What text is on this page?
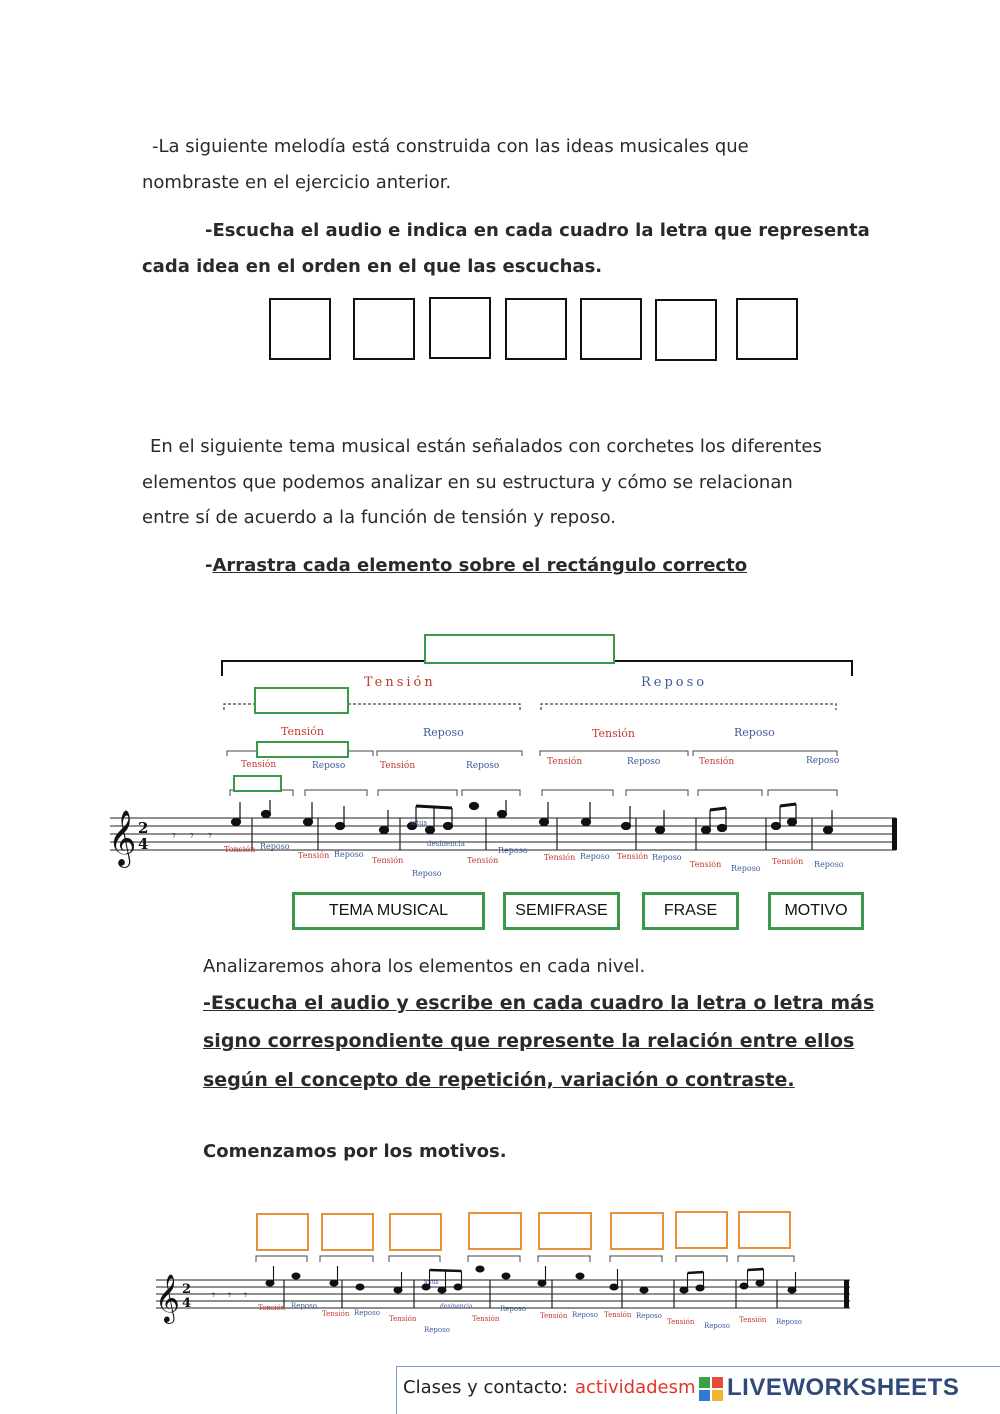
-La siguiente melodía está construida con las ideas musicales que
nombraste en el ejercicio anterior.
-Escucha el audio e indica en cada cuadro la letra que representa
cada idea en el orden en el que las escuchas.
En el siguiente tema musical están señalados con corchetes los diferentes
elementos que podemos analizar en su estructura y cómo se relacionan
entre sí de acuerdo a la función de tensión y reposo.
-Arrastra cada elemento sobre el rectángulo correcto
Tensión	Reposo
Tensión	Reposo	Tensión	Reposo
Tensión	Reposo	Tensión	Reposo	Tensión	Reposo	Tensión	Reposo
𝄞 2
4 𝄾 𝄾 𝄾
Tensión Reposo
Tensión Reposo
Tensión
ictus
desinencia
Reposo
Tensión
Reposo
Tensión Reposo Tensión Reposo
Tensión Reposo
Tensión Reposo
TEMA MUSICAL	SEMIFRASE	FRASE	MOTIVO
Analizaremos ahora los elementos en cada nivel.
-Escucha el audio y escribe en cada cuadro la letra o letra más
signo correspondiente que represente la relación entre ellos
según el concepto de repetición, variación o contraste.
Comenzamos por los motivos.
𝄞 2
4
𝄾 𝄾 𝄾
Tensión Reposo
Tensión Reposo
Tensión
ictus
desinencia
Reposo
Tensión
Reposo
Tensión Reposo Tensión Reposo
Tensión Reposo
Tensión Reposo
Clases y contacto: actividadesm LIVEWORKSHEETS
